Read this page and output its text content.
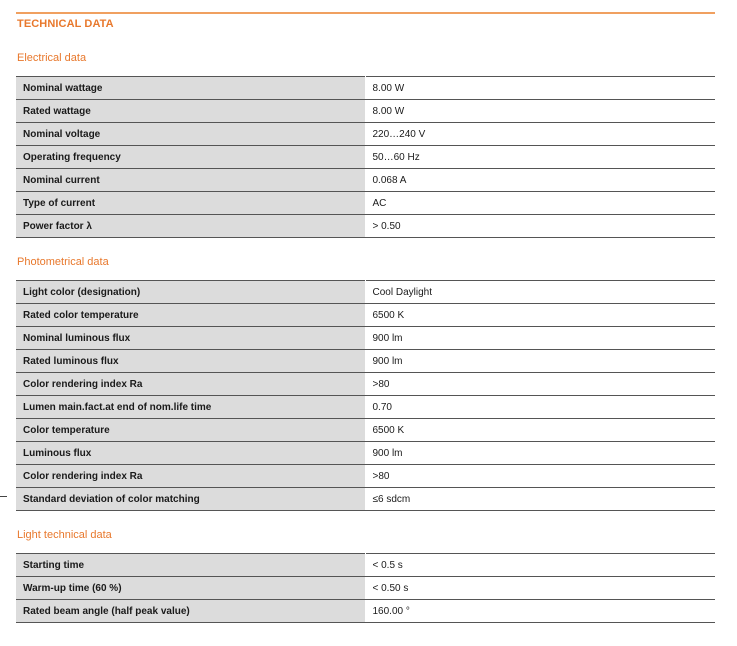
TECHNICAL DATA
Electrical data
Nominal wattage	8.00 W
Rated wattage	8.00 W
Nominal voltage	220…240 V
Operating frequency	50…60 Hz
Nominal current	0.068 A
Type of current	AC
Power factor λ	> 0.50
Photometrical data
Light color (designation)	Cool Daylight
Rated color temperature	6500 K
Nominal luminous flux	900 lm
Rated luminous flux	900 lm
Color rendering index Ra	>80
Lumen main.fact.at end of nom.life time	0.70
Color temperature	6500 K
Luminous flux	900 lm
Color rendering index Ra	>80
Standard deviation of color matching	≤6 sdcm
Light technical data
Starting time	< 0.5 s
Warm-up time (60 %)	< 0.50 s
Rated beam angle (half peak value)	160.00 °
